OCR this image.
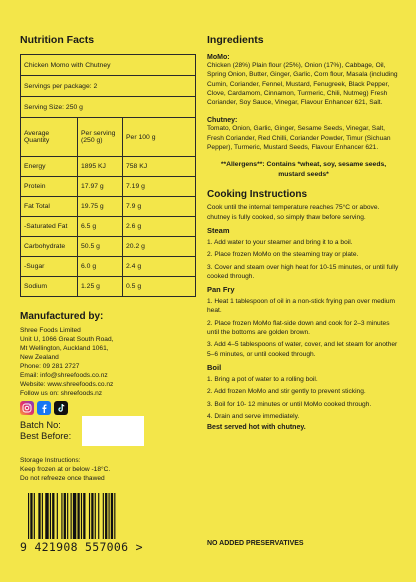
Nutrition Facts
Chicken Momo with Chutney		
Servings per package: 2		
Serving Size: 250 g		
Average Quantity	Per serving (250 g)	Per 100 g
Energy	1895 KJ	758 KJ
Protein	17.97 g	7.19 g
Fat Total	19.75 g	7.9 g
-Saturated Fat	6.5 g	2.6 g
Carbohydrate	50.5 g	20.2 g
-Sugar	6.0 g	2.4 g
Sodium	1.25 g	0.5 g
Manufactured by:
Shree Foods Limited
Unit U, 1066 Great South Road,
Mt Wellington, Auckland 1061,
New Zealand
Phone: 09 281 2727
Email: info@shreefoods.co.nz
Website: www.shreefoods.co.nz
Follow us on: shreefoods.nz
Batch No:
Best Before:
Storage Instructions:
Keep frozen at or below -18°C.
Do not refreeze once thawed
9 421908 557006 >
Ingredients
MoMo:
Chicken (28%) Plain flour (25%), Onion (17%), Cabbage, Oil, Spring Onion, Butter, Ginger, Garlic, Corn flour, Masala (including Cumin, Coriander, Fennel, Mustard, Fenugreek, Black Pepper, Clove, Cardamom, Cinnamon, Turmeric, Chili, Nutmeg) Fresh Coriander, Soy Sauce, Vinegar, Flavour Enhancer 621, Salt.
Chutney:
Tomato, Onion, Garlic, Ginger, Sesame Seeds, Vinegar, Salt, Fresh Coriander, Red Chilli, Coriander Powder, Timur (Sichuan Pepper), Turmeric, Mustard Seeds, Flavour Enhancer 621.
**Allergens**: Contains *wheat, soy, sesame seeds, mustard seeds*
Cooking Instructions
Cook until the internal temperature reaches 75°C or above.
chutney is fully cooked, so simply thaw before serving.
Steam
1. Add water to your steamer and bring it to a boil.
2. Place frozen MoMo on the steaming tray or plate.
3. Cover and steam over high heat for 10-15 minutes, or until fully cooked through.
Pan Fry
1. Heat 1 tablespoon of oil in a non-stick frying pan over medium heat.
2. Place frozen MoMo flat-side down and cook for 2–3 minutes until the bottoms are golden brown.
3. Add 4–5 tablespoons of water, cover, and let steam for another 5–6 minutes, or until cooked through.
Boil
1. Bring a pot of water to a rolling boil.
2. Add frozen MoMo and stir gently to prevent sticking.
3. Boil for 10- 12 minutes or until MoMo cooked through.
4. Drain and serve immediately.
Best served hot with chutney.
NO ADDED PRESERVATIVES
